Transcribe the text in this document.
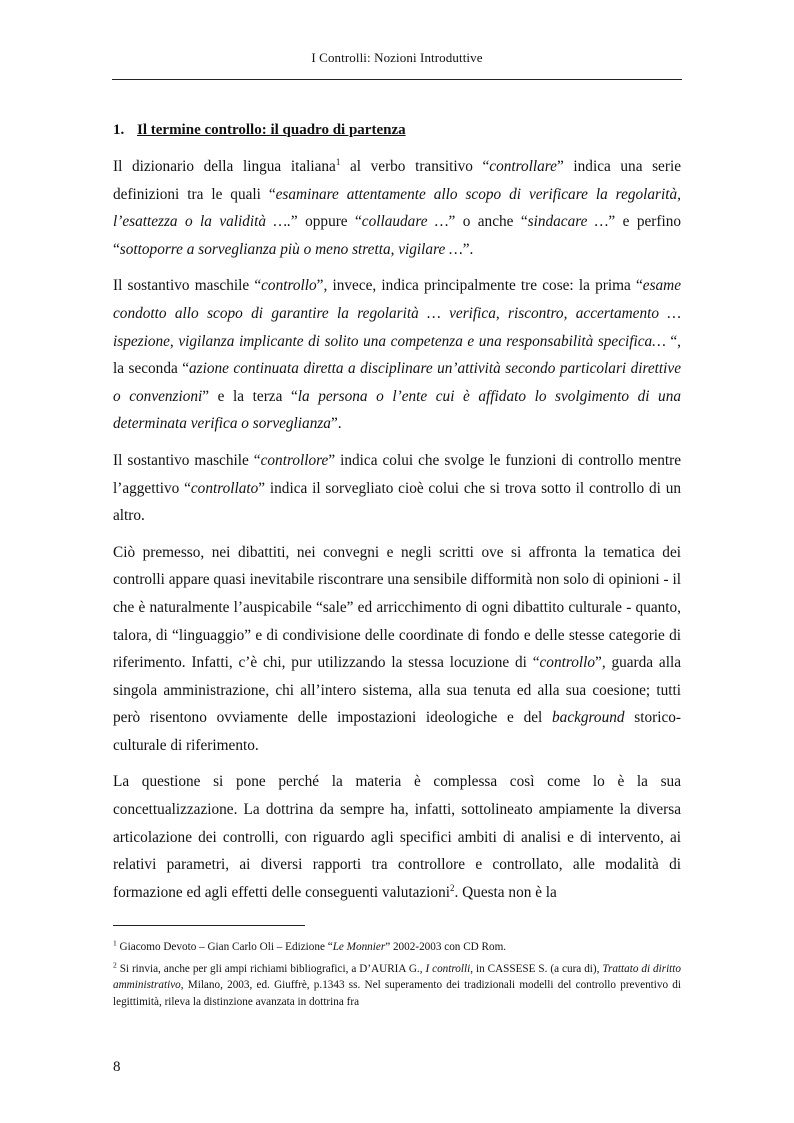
I Controlli: Nozioni Introduttive
1. Il termine controllo: il quadro di partenza

Il dizionario della lingua italiana$^1$ al verbo transitivo “controllare” indica una serie definizioni tra le quali “esaminare attentamente allo scopo di verificare la regolarità, l’esattezza o la validità ….” oppure “collaudare …” o anche “sindacare …” e perfino “sottoporre a sorveglianza più o meno stretta, vigilare …”.

Il sostantivo maschile “controllo”, invece, indica principalmente tre cose: la prima “esame condotto allo scopo di garantire la regolarità … verifica, riscontro, accertamento … ispezione, vigilanza implicante di solito una competenza e una responsabilità specifica… “, la seconda “azione continuata diretta a disciplinare un’attività secondo particolari direttive o convenzioni” e la terza “la persona o l’ente cui è affidato lo svolgimento di una determinata verifica o sorveglianza”.

Il sostantivo maschile “controllore” indica colui che svolge le funzioni di controllo mentre l’aggettivo “controllato” indica il sorvegliato cioè colui che si trova sotto il controllo di un altro.

Ciò premesso, nei dibattiti, nei convegni e negli scritti ove si affronta la tematica dei controlli appare quasi inevitabile riscontrare una sensibile difformità non solo di opinioni - il che è naturalmente l’auspicabile “sale” ed arricchimento di ogni dibattito culturale - quanto, talora, di “linguaggio” e di condivisione delle coordinate di fondo e delle stesse categorie di riferimento. Infatti, c’è chi, pur utilizzando la stessa locuzione di “controllo”, guarda alla singola amministrazione, chi all’intero sistema, alla sua tenuta ed alla sua coesione; tutti però risentono ovviamente delle impostazioni ideologiche e del background storico-culturale di riferimento.

La questione si pone perché la materia è complessa così come lo è la sua concettualizzazione. La dottrina da sempre ha, infatti, sottolineato ampiamente la diversa articolazione dei controlli, con riguardo agli specifici ambiti di analisi e di intervento, ai relativi parametri, ai diversi rapporti tra controllore e controllato, alle modalità di formazione ed agli effetti delle conseguenti valutazioni$^2$. Questa non è la

$^1$ Giacomo Devoto – Gian Carlo Oli – Edizione “Le Monnier” 2002-2003 con CD Rom.

$^2$ Si rinvia, anche per gli ampi richiami bibliografici, a D’AURIA G., I controlli, in CASSESE S. (a cura di), Trattato di diritto amministrativo, Milano, 2003, ed. Giuffrè, p.1343 ss. Nel superamento dei tradizionali modelli del controllo preventivo di legittimità, rileva la distinzione avanzata in dottrina fra

8
